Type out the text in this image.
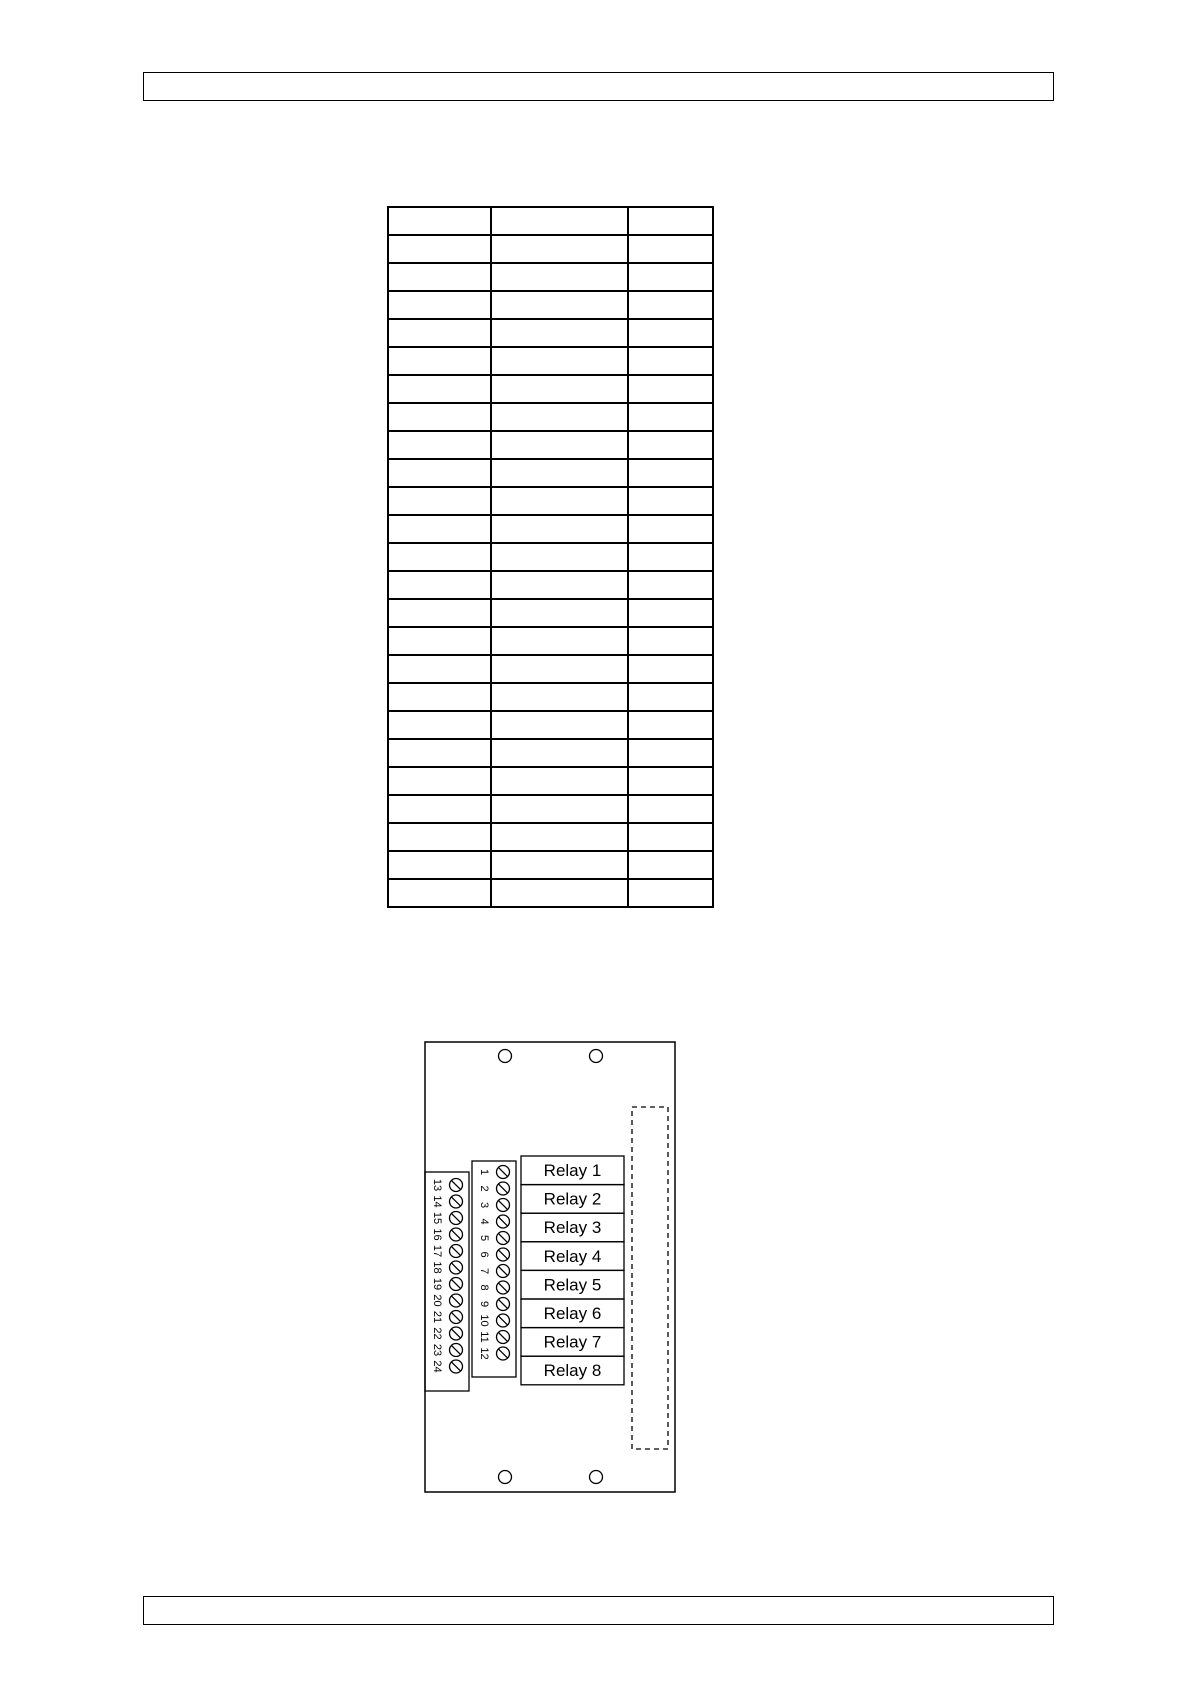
Relay 1
Relay 2
Relay 3
Relay 4
Relay 5
Relay 6
Relay 7
Relay 8
13
14
15
16
17
18
19
20
21
22
23
24
1
2
3
4
5
6
7
8
9
10
11
12
